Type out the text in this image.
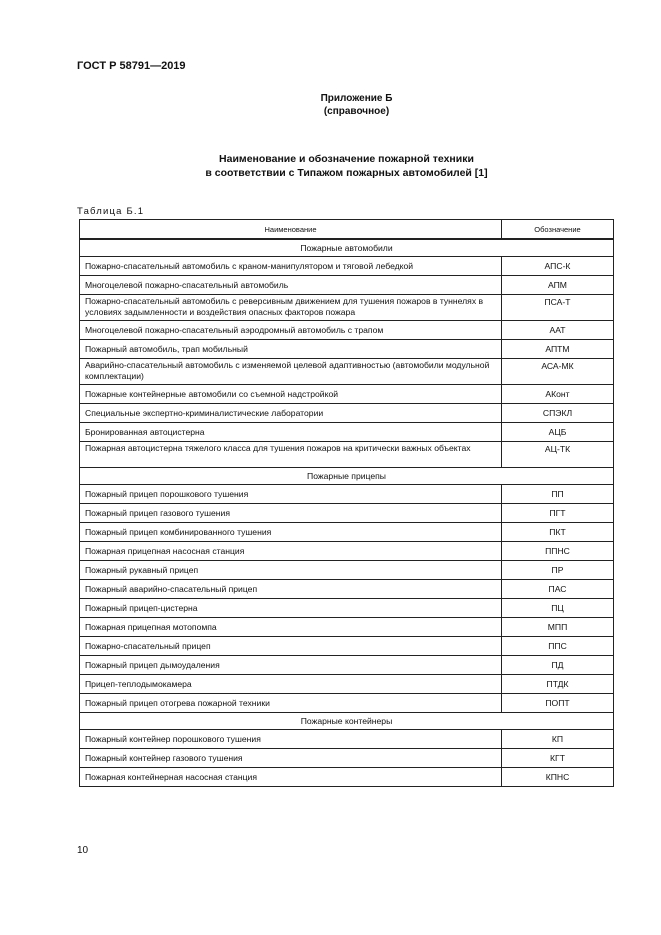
ГОСТ Р 58791—2019
Приложение Б
(справочное)
Наименование и обозначение пожарной техники
в соответствии с Типажом пожарных автомобилей [1]
Таблица Б.1
Наименование	Обозначение
Пожарные автомобили	
Пожарно-спасательный автомобиль с краном-манипулятором и тяговой лебедкой	АПС-К
Многоцелевой пожарно-спасательный автомобиль	АПМ
Пожарно-спасательный автомобиль с реверсивным движением для тушения пожаров в туннелях в условиях задымленности и воздействия опасных факторов пожара	ПСА-Т
Многоцелевой пожарно-спасательный аэродромный автомобиль с трапом	ААТ
Пожарный автомобиль, трап мобильный	АПТМ
Аварийно-спасательный автомобиль с изменяемой целевой адаптивностью (автомобили модульной комплектации)	АСА-МК
Пожарные контейнерные автомобили со съемной надстройкой	АКонт
Специальные экспертно-криминалистические лаборатории	СПЭКЛ
Бронированная автоцистерна	АЦБ
Пожарная автоцистерна тяжелого класса для тушения пожаров на критически важных объектах	АЦ-ТК
Пожарные прицепы	
Пожарный прицеп порошкового тушения	ПП
Пожарный прицеп газового тушения	ПГТ
Пожарный прицеп комбинированного тушения	ПКТ
Пожарная прицепная насосная станция	ППНС
Пожарный рукавный прицеп	ПР
Пожарный аварийно-спасательный прицеп	ПАС
Пожарный прицеп-цистерна	ПЦ
Пожарная прицепная мотопомпа	МПП
Пожарно-спасательный прицеп	ППС
Пожарный прицеп дымоудаления	ПД
Прицеп-теплодымокамера	ПТДК
Пожарный прицеп отогрева пожарной техники	ПОПТ
Пожарные контейнеры	
Пожарный контейнер порошкового тушения	КП
Пожарный контейнер газового тушения	КГТ
Пожарная контейнерная насосная станция	КПНС
10
